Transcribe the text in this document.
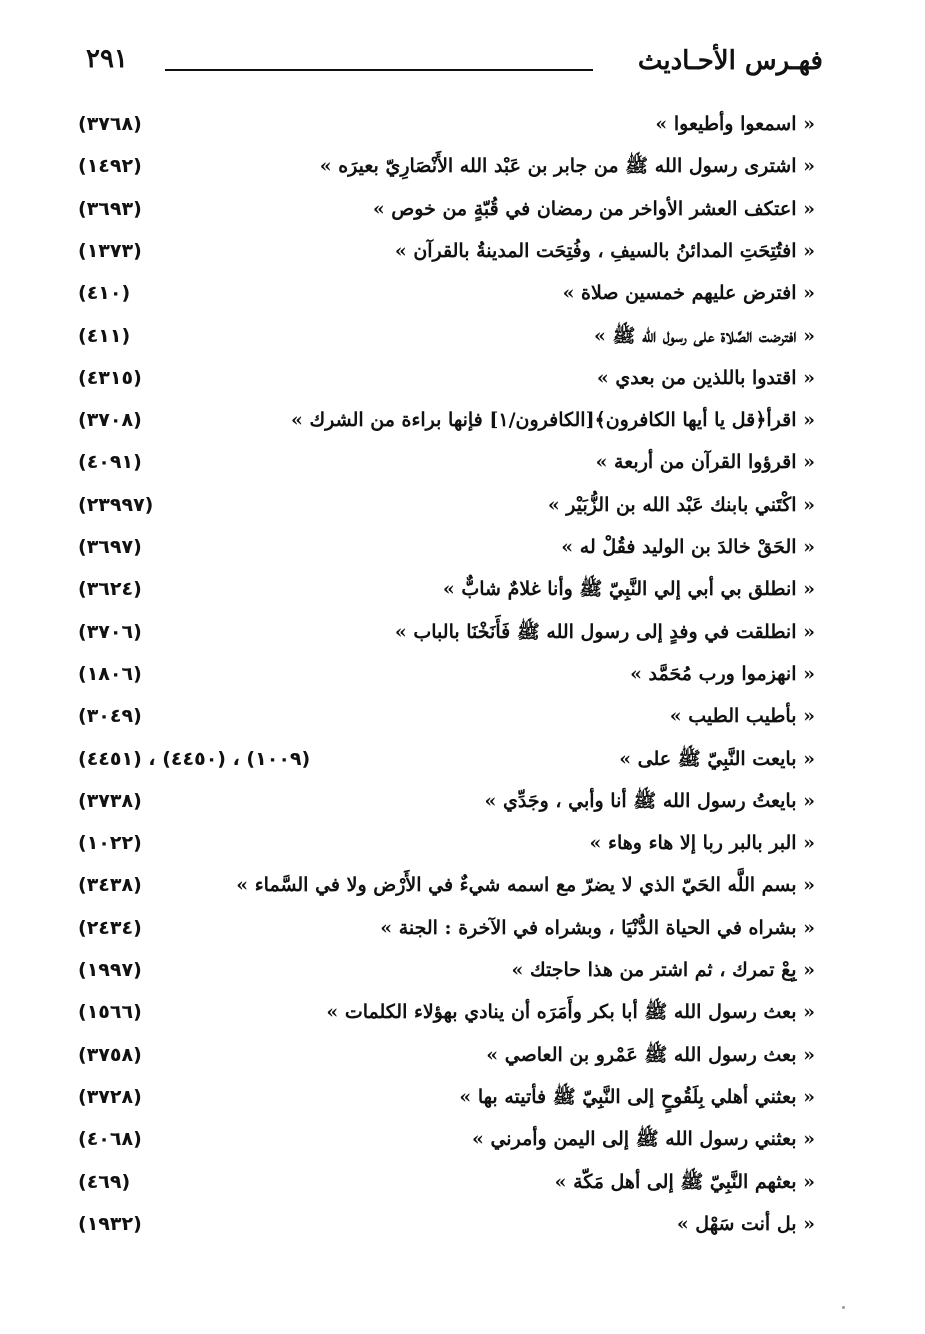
٢٩١	فهـرس الأحـاديث
« اسمعوا وأطيعوا »
(٣٧٦٨)
« اشترى رسول الله ﷺ من جابر بن عَبْد الله الأَنْصَارِيّ بعيرَه »
(١٤٩٢)
« اعتكف العشر الأواخر من رمضان في قُبّةٍ من خوص »
(٣٦٩٣)
« افتُتِحَتِ المدائنُ بالسيفِ ، وفُتِحَت المدينةُ بالقرآن »
(١٣٧٣)
« افترض عليهم خمسين صلاة »
(٤١٠)
« افترضت الصَّلاة على رسول الله ﷺ »
(٤١١)
« اقتدوا باللذين من بعدي »
(٤٣١٥)
« اقرأ﴿قل يا أيها الكافرون﴾[الكافرون/١] فإنها براءة من الشرك »
(٣٧٠٨)
« اقرؤوا القرآن من أربعة »
(٤٠٩١)
« اكْتَني بابنك عَبْد الله بن الزُّبَيْر »
(٢٣٩٩٧)
« الحَقْ خالدَ بن الوليد فقُلْ له »
(٣٦٩٧)
« انطلق بي أبي إلي النَّبِيّ ﷺ وأنا غلامٌ شابٌّ »
(٣٦٢٤)
« انطلقت في وفدٍ إلى رسول الله ﷺ فَأَنَخْنَا بالباب »
(٣٧٠٦)
« انهزموا ورب مُحَمَّد »
(١٨٠٦)
« بأطيب الطيب »
(٣٠٤٩)
« بايعت النَّبِيّ ﷺ على »
(١٠٠٩) ، (٤٤٥٠) ، (٤٤٥١)
« بايعتُ رسول الله ﷺ أنا وأبي ، وجَدِّي »
(٣٧٣٨)
« البر بالبر ربا إلا هاء وهاء »
(١٠٢٢)
« بسم اللَّه الحَيّ الذي لا يضرّ مع اسمه شيءٌ في الأَرْض ولا في السَّماء »
(٣٤٣٨)
« بشراه في الحياة الدُّنْيَا ، وبشراه في الآخرة : الجنة »
(٢٤٣٤)
« بِعْ تمرك ، ثم اشتر من هذا حاجتك »
(١٩٩٧)
« بعث رسول الله ﷺ أبا بكر وأَمَرَه أن ينادي بهؤلاء الكلمات »
(١٥٦٦)
« بعث رسول الله ﷺ عَمْرو بن العاصي »
(٣٧٥٨)
« بعثني أهلي بِلَقُوحٍ إلى النَّبِيّ ﷺ فأتيته بها »
(٣٧٢٨)
« بعثني رسول الله ﷺ إلى اليمن وأمرني »
(٤٠٦٨)
« بعثهم النَّبِيّ ﷺ إلى أهل مَكّة »
(٤٦٩)
« بل أنت سَهْل »
(١٩٣٢)
